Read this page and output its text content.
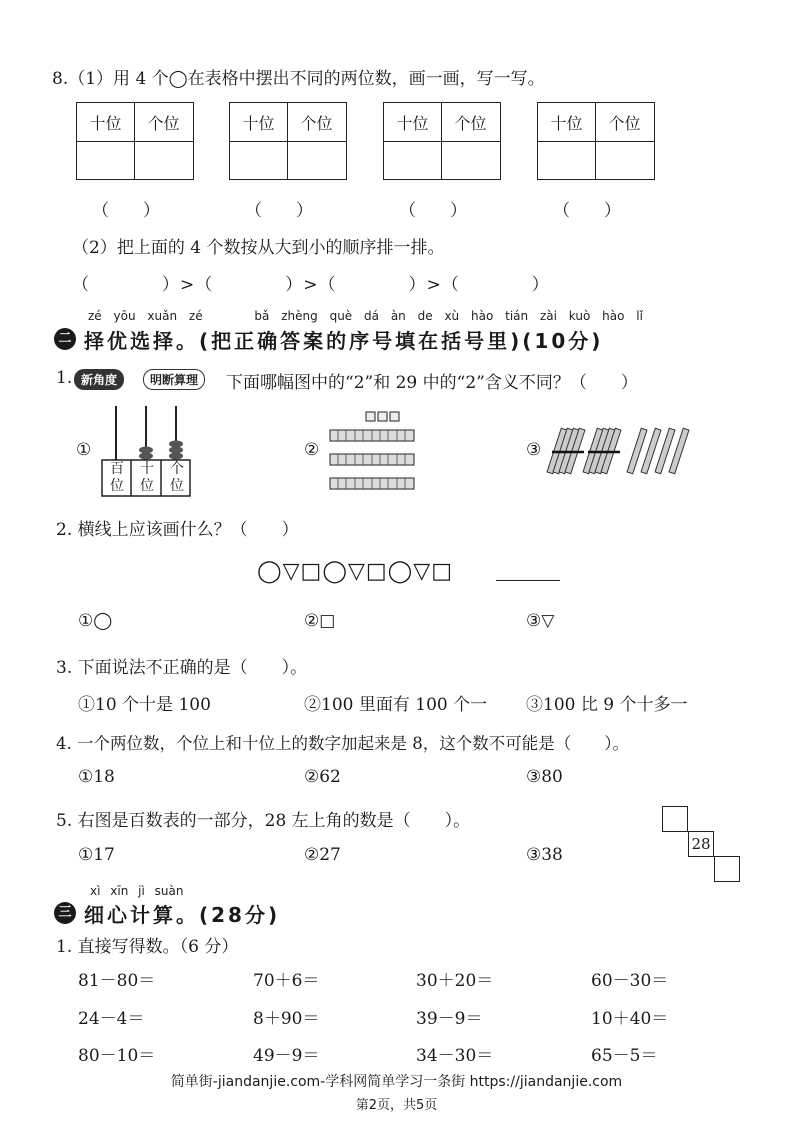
8.（1）用 4 个◯在表格中摆出不同的两位数，画一画，写一写。
十位	个位	十位	个位	十位	个位	十位	个位
（　　）	（　　）	（　　）	（　　）
（2）把上面的 4 个数按从大到小的顺序排一排。
（　　　　）>（　　　　）>（　　　　）>（　　　　）
zé yōu xuǎn zé	bǎ zhèng què dá àn de xù hào tián zài kuò hào lǐ
二 择优选择。(把正确答案的序号填在括号里)(10分)
1. 新角度	明断算理	下面哪幅图中的“2”和 29 中的“2”含义不同？（　　）
①
百
位
十
位
个
位
②	③
2. 横线上应该画什么？（　　）
◯▽□◯▽□◯▽□
①◯	②□	③▽
3. 下面说法不正确的是（　　）。
①10 个十是 100	②100 里面有 100 个一 ③100 比 9 个十多一
4. 一个两位数，个位上和十位上的数字加起来是 8，这个数不可能是（　　）。
①18	②62	③80
5. 右图是百数表的一部分，28 左上角的数是（　　）。
①17	②27	③38
28
xì xīn jì suàn
三 细心计算。(28分)
1. 直接写得数。（6 分）
81－80＝	70＋6＝	30＋20＝	60－30＝
24－4＝	8＋90＝	39－9＝	10＋40＝
80－10＝	49－9＝	34－30＝	65－5＝
简单街-jiandanjie.com-学科网简单学习一条街 https://jiandanjie.com
第2页，共5页
